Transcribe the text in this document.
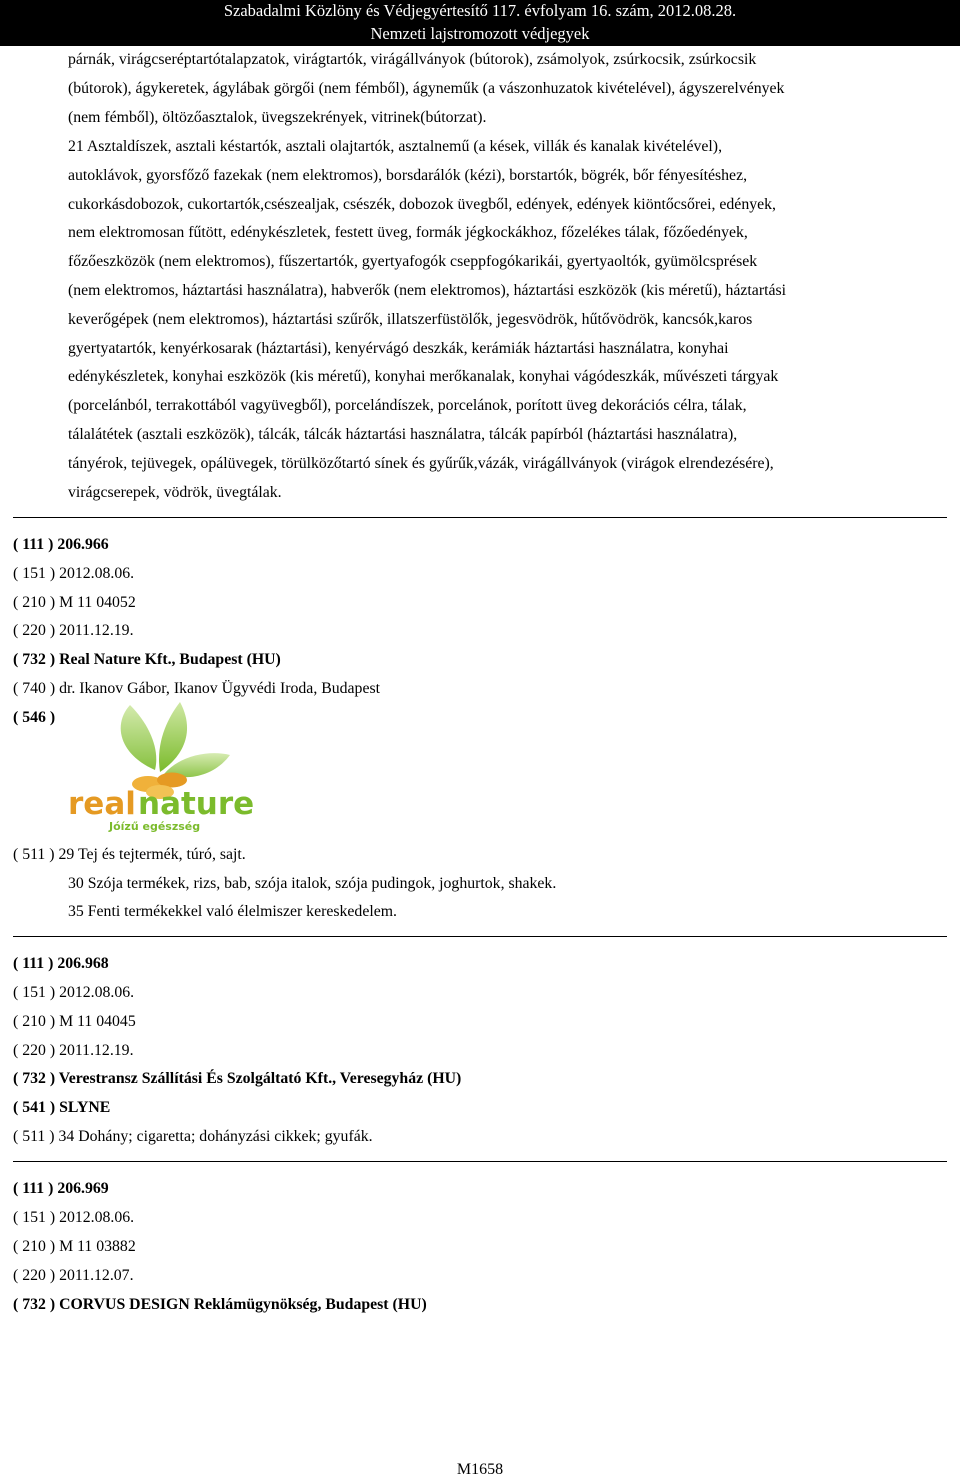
Szabadalmi Közlöny és Védjegyértesítő 117. évfolyam 16. szám, 2012.08.28.
Nemzeti lajstromozott védjegyek
párnák, virágcseréptartótalapzatok, virágtartók, virágállványok (bútorok), zsámolyok, zsúrkocsik, zsúrkocsik
(bútorok), ágykeretek, ágylábak görgői (nem fémből), ágyneműk (a vászonhuzatok kivételével), ágyszerelvények
(nem fémből), öltözőasztalok, üvegszekrények, vitrinek(bútorzat).
21 Asztaldíszek, asztali késtartók, asztali olajtartók, asztalnemű (a kések, villák és kanalak kivételével),
autoklávok, gyorsfőző fazekak (nem elektromos), borsdarálók (kézi), borstartók, bögrék, bőr fényesítéshez,
cukorkásdobozok, cukortartók,csészealjak, csészék, dobozok üvegből, edények, edények kiöntőcsőrei, edények,
nem elektromosan fűtött, edénykészletek, festett üveg, formák jégkockákhoz, főzelékes tálak, főzőedények,
főzőeszközök (nem elektromos), fűszertartók, gyertyafogók cseppfogókarikái, gyertyaoltók, gyümölcsprések
(nem elektromos, háztartási használatra), habverők (nem elektromos), háztartási eszközök (kis méretű), háztartási
keverőgépek (nem elektromos), háztartási szűrők, illatszerfüstölők, jegesvödrök, hűtővödrök, kancsók,karos
gyertyatartók, kenyérkosarak (háztartási), kenyérvágó deszkák, kerámiák háztartási használatra, konyhai
edénykészletek, konyhai eszközök (kis méretű), konyhai merőkanalak, konyhai vágódeszkák, művészeti tárgyak
(porcelánból, terrakottából vagyüvegből), porcelándíszek, porcelánok, porított üveg dekorációs célra, tálak,
tálalátétek (asztali eszközök), tálcák, tálcák háztartási használatra, tálcák papírból (háztartási használatra),
tányérok, tejüvegek, opálüvegek, törülközőtartó sínek és gyűrűk,vázák, virágállványok (virágok elrendezésére),
virágcserepek, vödrök, üvegtálak.
( 111 ) 206.966
( 151 ) 2012.08.06.
( 210 ) M 11 04052
( 220 ) 2011.12.19.
( 732 ) Real Nature Kft., Budapest (HU)
( 740 ) dr. Ikanov Gábor, Ikanov Ügyvédi Iroda, Budapest
( 546 )
real nature
Jóízű egészség
( 511 ) 29 Tej és tejtermék, túró, sajt.
30 Szója termékek, rizs, bab, szója italok, szója pudingok, joghurtok, shakek.
35 Fenti termékekkel való élelmiszer kereskedelem.
( 111 ) 206.968
( 151 ) 2012.08.06.
( 210 ) M 11 04045
( 220 ) 2011.12.19.
( 732 ) Verestransz Szállítási És Szolgáltató Kft., Veresegyház (HU)
( 541 ) SLYNE
( 511 ) 34 Dohány; cigaretta; dohányzási cikkek; gyufák.
( 111 ) 206.969
( 151 ) 2012.08.06.
( 210 ) M 11 03882
( 220 ) 2011.12.07.
( 732 ) CORVUS DESIGN Reklámügynökség, Budapest (HU)
M1658
